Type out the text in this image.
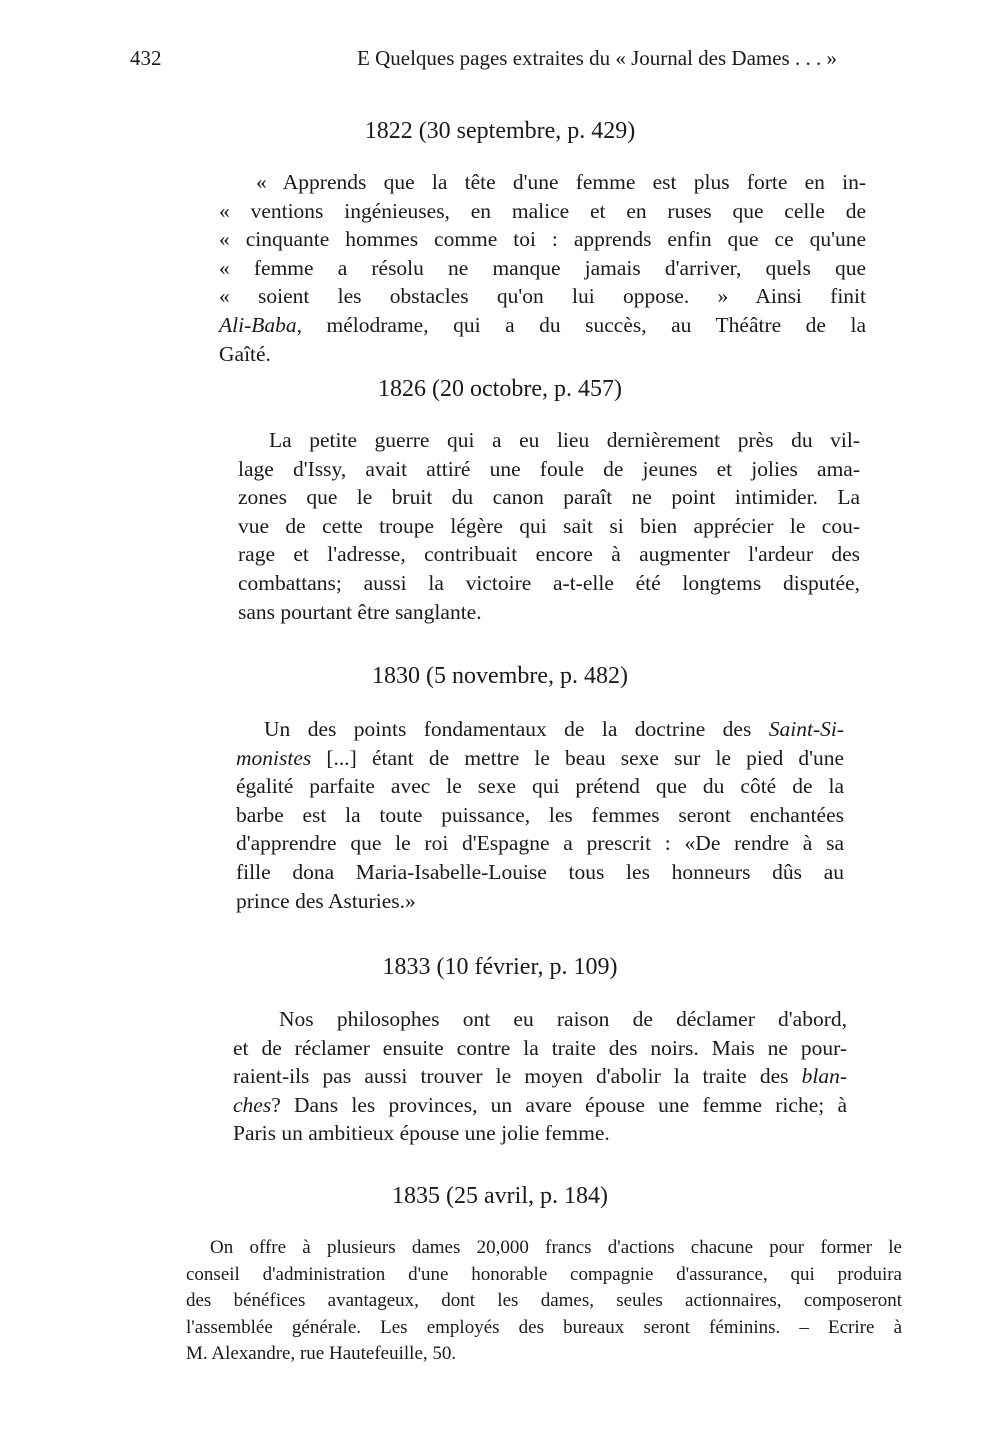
432	E Quelques pages extraites du « Journal des Dames . . . »
1822 (30 septembre, p. 429)
« Apprends que la tête d'une femme est plus forte en in-
« ventions ingénieuses, en malice et en ruses que celle de
« cinquante hommes comme toi : apprends enfin que ce qu'une
« femme a résolu ne manque jamais d'arriver, quels que
« soient les obstacles qu'on lui oppose. » Ainsi finit
Ali-Baba, mélodrame, qui a du succès, au Théâtre de la
Gaîté.
1826 (20 octobre, p. 457)
La petite guerre qui a eu lieu dernièrement près du vil-
lage d'Issy, avait attiré une foule de jeunes et jolies ama-
zones que le bruit du canon paraît ne point intimider. La
vue de cette troupe légère qui sait si bien apprécier le cou-
rage et l'adresse, contribuait encore à augmenter l'ardeur des
combattans; aussi la victoire a-t-elle été longtems disputée,
sans pourtant être sanglante.
1830 (5 novembre, p. 482)
Un des points fondamentaux de la doctrine des Saint-Si-
monistes [...] étant de mettre le beau sexe sur le pied d'une
égalité parfaite avec le sexe qui prétend que du côté de la
barbe est la toute puissance, les femmes seront enchantées
d'apprendre que le roi d'Espagne a prescrit : «De rendre à sa
fille dona Maria-Isabelle-Louise tous les honneurs dûs au
prince des Asturies.»
1833 (10 février, p. 109)
Nos philosophes ont eu raison de déclamer d'abord,
et de réclamer ensuite contre la traite des noirs. Mais ne pour-
raient-ils pas aussi trouver le moyen d'abolir la traite des blan-
ches? Dans les provinces, un avare épouse une femme riche; à
Paris un ambitieux épouse une jolie femme.
1835 (25 avril, p. 184)
On offre à plusieurs dames 20,000 francs d'actions chacune pour former le
conseil d'administration d'une honorable compagnie d'assurance, qui produira
des bénéfices avantageux, dont les dames, seules actionnaires, composeront
l'assemblée générale. Les employés des bureaux seront féminins. – Ecrire à
M. Alexandre, rue Hautefeuille, 50.
